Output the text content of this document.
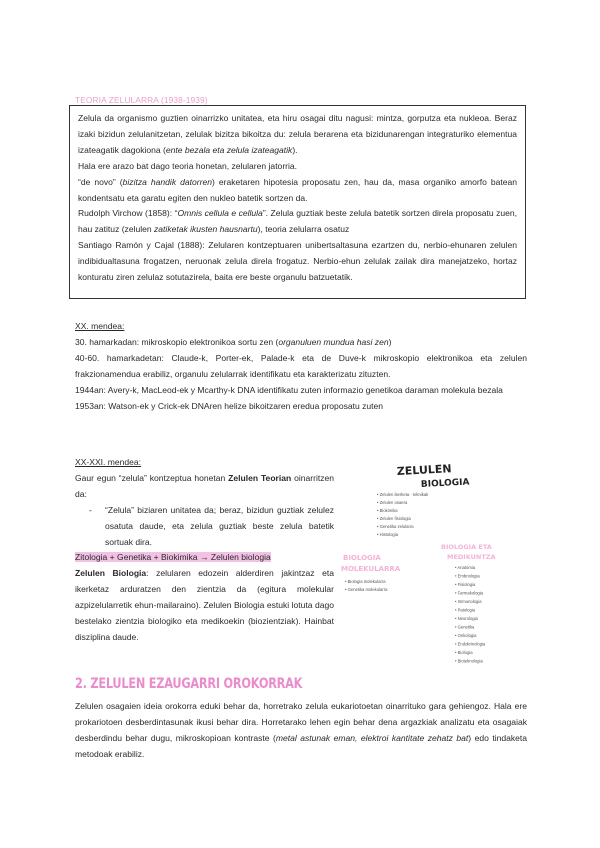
TEORIA ZELULARRA (1938-1939)

Zelula da organismo guztien oinarrizko unitatea, eta hiru osagai ditu nagusi: mintza, gorputza eta nukleoa. Beraz izaki bizidun zelulanitzetan, zelulak bizitza bikoitza du: zelula berarena eta bizidunarengan integraturiko elementua izateagatik dagokiona (ente bezala eta zelula izateagatik).

Hala ere arazo bat dago teoria honetan, zelularen jatorria.

“de novo” (bizitza handik datorren) eraketaren hipotesia proposatu zen, hau da, masa organiko amorfo batean kondentsatu eta garatu egiten den nukleo batetik sortzen da.

Rudolph Virchow (1858): “Omnis cellula e cellula”. Zelula guztiak beste zelula batetik sortzen direla proposatu zuen, hau zatituz (zelulen zatiketak ikusten hausnartu), teoria zelularra osatuz

Santiago Ramón y Cajal (1888): Zelularen kontzeptuaren unibertsaltasuna ezartzen du, nerbio-ehunaren zelulen indibidualtasuna frogatzen, neruonak zelula direla frogatuz. Nerbio-ehun zelulak zailak dira manejatzeko, hortaz konturatu ziren zelulaz sotutazirela, baita ere beste organulu batzuetatik.

XX. mendea:

30. hamarkadan: mikroskopio elektronikoa sortu zen (organuluen munduа hasi zen)

40-60. hamarkadetan: Claude-k, Porter-ek, Palade-k eta de Duve-k mikroskopio elektronikoa eta zelulen frakzionamendua erabiliz, organulu zelularrak identifikatu eta karakterizatu zituzten.

1944an: Avery-k, MacLeod-ek y Mcarthy-k DNA identifikatu zuten informazio genetikoa daraman molekula bezala

1953an: Watson-ek y Crick-ek DNAren helize bikoitzaren eredua proposatu zuten

XX-XXI. mendea:

Gaur egun “zelula” kontzeptua honetan Zelulen Teorian oinarritzen da:

-	“Zelula” biziaren unitatea da; beraz, bizidun guztiak zelulez osatuta daude, eta zelula guztiak beste zelula batetik sortuak dira.

Zitologia + Genetika + Biokimika → Zelulen biologia

Zelulen Biologia: zelularen edozein alderdiren jakintzaz eta ikerketaz arduratzen den zientzia da (egitura molekular azpizelularretik ehun-mailaraino). Zelulen Biologia estuki lotuta dago bestelako zientzia biologiko eta medikoekin (biozientziak). Hainbat disziplina daude.

ZELULEN
BIOLOGIA
• Zelulen ikerketa · teknikak
• Zelulen osaera
• Biokimika
• Zelulen fisiologia
• Genetika zelularra
• Histologia
BIOLOGIA
MOLEKULARRA
• Biologia molekularra
• Genetika molekularra
BIOLOGIA ETA
MEDIKUNTZA
• Anatomia
• Embriologia
• Fisiologia
• Farmakologia
• Immunologia
• Patologia
• Neurologia
• Genetika
• Onkologia
• Endokrinologia
• Biologia
• Bioteknologia
2. ZELULEN EZAUGARRI OROKORRAK

Zelulen osagaien ideia orokorra eduki behar da, horretrako zelula eukariotoetan oinarrituko gara gehiengoz. Hala ere prokariotoen desberdintasunak ikusi behar dira. Horretarako lehen egin behar dena argazkiak analizatu eta osagaiak desberdindu behar dugu, mikroskopioan kontraste (metal astunak eman, elektroi kantitate zehatz bat) edo tindaketa metodoak erabiliz.
